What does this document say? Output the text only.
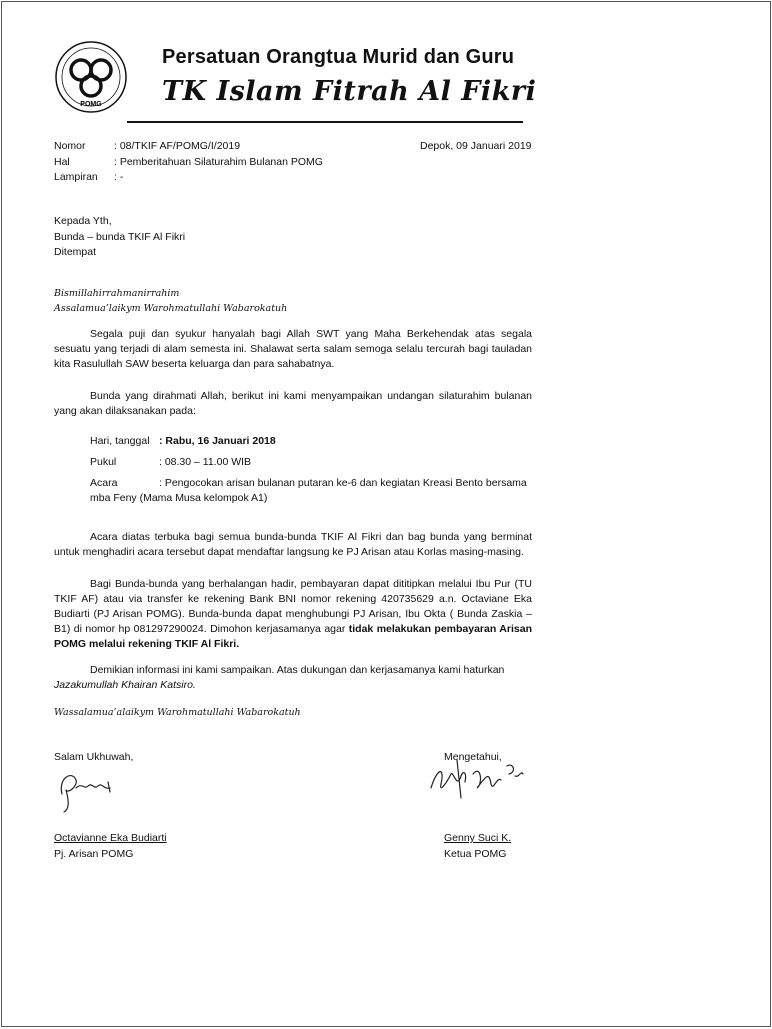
POMG
Persatuan Orangtua Murid dan Guru
TK Islam Fitrah Al Fikri
Nomor	: 08/TKIF AF/POMG/I/2019	Depok, 09 Januari 2019
Hal	: Pemberitahuan Silaturahim Bulanan POMG
Lampiran : -
Kepada Yth,
Bunda – bunda TKIF Al Fikri
Ditempat
Bismillahirrahmanirrahim
Assalamua’laikym Warohmatullahi Wabarokatuh

Segala puji dan syukur hanyalah bagi Allah SWT yang Maha Berkehendak atas segala sesuatu yang terjadi di alam semesta ini. Shalawat serta salam semoga selalu tercurah bagi tauladan kita Rasulullah SAW beserta keluarga dan para sahabatnya.

Bunda yang dirahmati Allah, berikut ini kami menyampaikan undangan silaturahim bulanan yang akan dilaksanakan pada:

Hari, tanggal : Rabu, 16 Januari 2018
Pukul	: 08.30 – 11.00 WIB
Acara	: Pengocokan arisan bulanan putaran ke-6 dan kegiatan Kreasi Bento bersama
mba Feny (Mama Musa kelompok A1)

Acara diatas terbuka bagi semua bunda-bunda TKIF Al Fikri dan bag bunda yang berminat untuk menghadiri acara tersebut dapat mendaftar langsung ke PJ Arisan atau Korlas masing-masing.

Bagi Bunda-bunda yang berhalangan hadir, pembayaran dapat dititipkan melalui Ibu Pur (TU TKIF AF) atau via transfer ke rekening Bank BNI nomor rekening 420735629 a.n. Octaviane Eka Budiarti (PJ Arisan POMG). Bunda-bunda dapat menghubungi PJ Arisan, Ibu Okta ( Bunda Zaskia – B1) di nomor hp 081297290024. Dimohon kerjasamanya agar tidak melakukan pembayaran Arisan POMG melalui rekening TKIF Al Fikri.

Demikian informasi ini kami sampaikan. Atas dukungan dan kerjasamanya kami haturkan
Jazakumullah Khairan Katsiro.

Wassalamua’alaikym Warohmatullahi Wabarokatuh
Salam Ukhuwah,	Mengetahui,
Octavianne Eka Budiarti	Genny Suci K.
Pj. Arisan POMG	Ketua POMG
